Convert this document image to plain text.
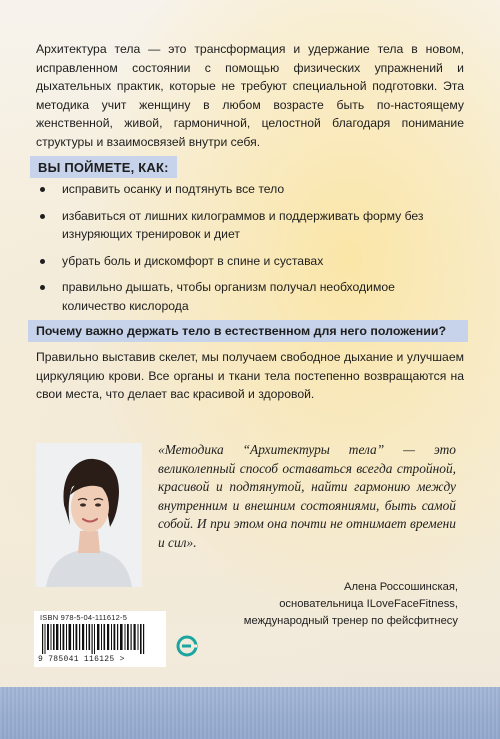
Архитектура тела — это трансформация и удержание тела в новом, исправленном состоянии с помощью физических упражнений и дыхательных практик, которые не требуют специальной подготовки. Эта методика учит женщину в любом возрасте быть по-настоящему женственной, живой, гармоничной, целостной благодаря понимание структуры и взаимосвязей внутри себя.

ВЫ ПОЙМЕТЕ, КАК:
исправить осанку и подтянуть все тело
избавиться от лишних килограммов и поддерживать форму без изнуряющих тренировок и диет
убрать боль и дискомфорт в спине и суставах
правильно дышать, чтобы организм получал необходимое количество кислорода
Почему важно держать тело в естественном для него положении?

Правильно выставив скелет, мы получаем свободное дыхание и улучшаем циркуляцию крови. Все органы и ткани тела постепенно возвращаются на свои места, что делает вас красивой и здоровой.

«Методика “Архитектуры тела” — это великолепный способ оставаться всегда стройной, красивой и подтянутой, найти гармонию между внутренним и внешним состояниями, быть самой собой. И при этом она почти не отнимает времени и сил».

Алена Россошинская,
основательница ILoveFaceFitness,
международный тренер по фейсфитнесу
ISBN 978-5-04-111612-5
9 785041 116125 >
